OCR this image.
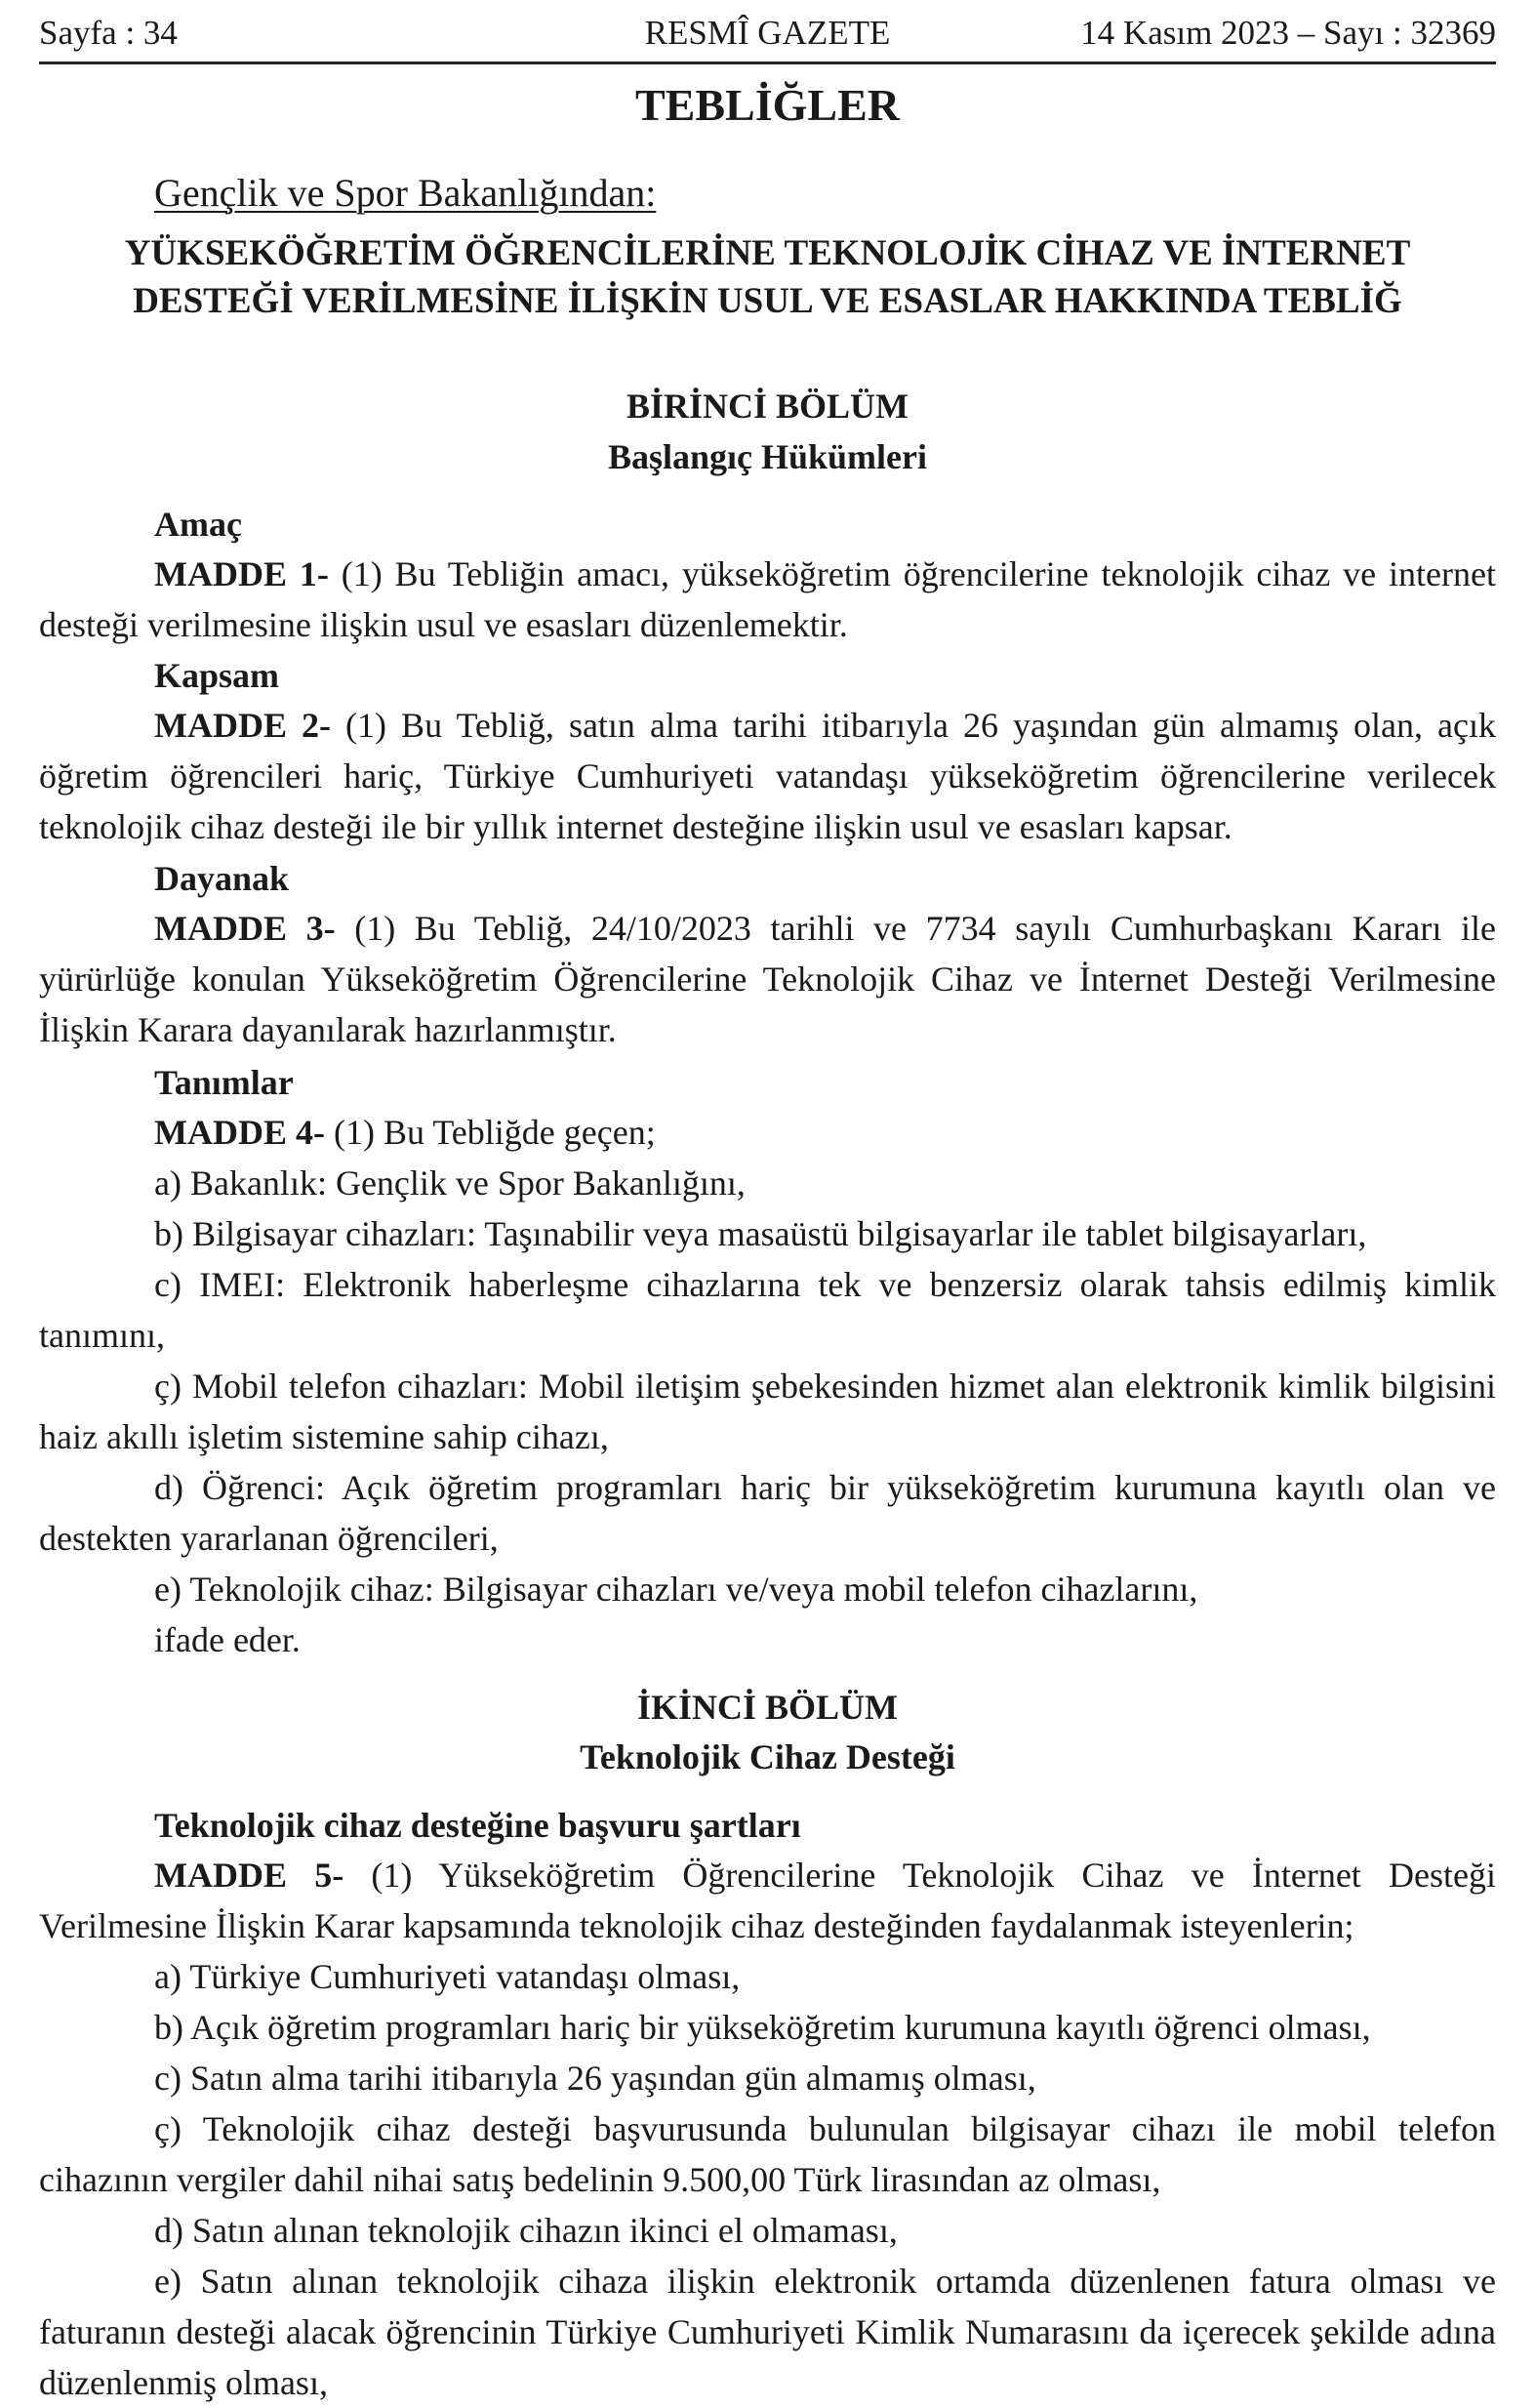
Sayfa : 34	RESMÎ GAZETE	14 Kasım 2023 – Sayı : 32369
TEBLİĞLER
Gençlik ve Spor Bakanlığından:
YÜKSEKÖĞRETİM ÖĞRENCİLERİNE TEKNOLOJİK CİHAZ VE İNTERNET
DESTEĞİ VERİLMESİNE İLİŞKİN USUL VE ESASLAR HAKKINDA TEBLİĞ
BİRİNCİ BÖLÜM
Başlangıç Hükümleri
Amaç
MADDE 1- (1) Bu Tebliğin amacı, yükseköğretim öğrencilerine teknolojik cihaz ve internet desteği verilmesine ilişkin usul ve esasları düzenlemektir.
Kapsam
MADDE 2- (1) Bu Tebliğ, satın alma tarihi itibarıyla 26 yaşından gün almamış olan, açık öğretim öğrencileri hariç, Türkiye Cumhuriyeti vatandaşı yükseköğretim öğrencilerine verilecek teknolojik cihaz desteği ile bir yıllık internet desteğine ilişkin usul ve esasları kapsar.
Dayanak
MADDE 3- (1) Bu Tebliğ, 24/10/2023 tarihli ve 7734 sayılı Cumhurbaşkanı Kararı ile yürürlüğe konulan Yükseköğretim Öğrencilerine Teknolojik Cihaz ve İnternet Desteği Verilmesine İlişkin Karara dayanılarak hazırlanmıştır.
Tanımlar
MADDE 4- (1) Bu Tebliğde geçen;
a) Bakanlık: Gençlik ve Spor Bakanlığını,
b) Bilgisayar cihazları: Taşınabilir veya masaüstü bilgisayarlar ile tablet bilgisayarları,
c) IMEI: Elektronik haberleşme cihazlarına tek ve benzersiz olarak tahsis edilmiş kimlik tanımını,
ç) Mobil telefon cihazları: Mobil iletişim şebekesinden hizmet alan elektronik kimlik bilgisini haiz akıllı işletim sistemine sahip cihazı,
d) Öğrenci: Açık öğretim programları hariç bir yükseköğretim kurumuna kayıtlı olan ve destekten yararlanan öğrencileri,
e) Teknolojik cihaz: Bilgisayar cihazları ve/veya mobil telefon cihazlarını,
ifade eder.
İKİNCİ BÖLÜM
Teknolojik Cihaz Desteği
Teknolojik cihaz desteğine başvuru şartları
MADDE 5- (1) Yükseköğretim Öğrencilerine Teknolojik Cihaz ve İnternet Desteği Verilmesine İlişkin Karar kapsamında teknolojik cihaz desteğinden faydalanmak isteyenlerin;
a) Türkiye Cumhuriyeti vatandaşı olması,
b) Açık öğretim programları hariç bir yükseköğretim kurumuna kayıtlı öğrenci olması,
c) Satın alma tarihi itibarıyla 26 yaşından gün almamış olması,
ç) Teknolojik cihaz desteği başvurusunda bulunulan bilgisayar cihazı ile mobil telefon cihazının vergiler dahil nihai satış bedelinin 9.500,00 Türk lirasından az olması,
d) Satın alınan teknolojik cihazın ikinci el olmaması,
e) Satın alınan teknolojik cihaza ilişkin elektronik ortamda düzenlenen fatura olması ve faturanın desteği alacak öğrencinin Türkiye Cumhuriyeti Kimlik Numarasını da içerecek şekilde adına düzenlenmiş olması,
